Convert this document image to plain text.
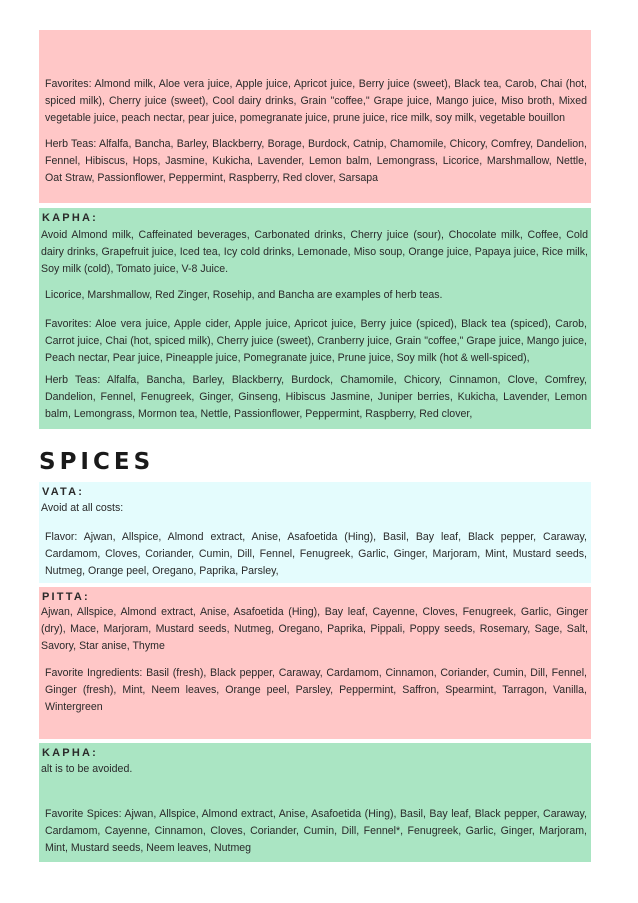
Favorites: Almond milk, Aloe vera juice, Apple juice, Apricot juice, Berry juice (sweet), Black tea, Carob, Chai (hot, spiced milk), Cherry juice (sweet), Cool dairy drinks, Grain "coffee," Grape juice, Mango juice, Miso broth, Mixed vegetable juice, peach nectar, pear juice, pomegranate juice, prune juice, rice milk, soy milk, vegetable bouillon

Herb Teas: Alfalfa, Bancha, Barley, Blackberry, Borage, Burdock, Catnip, Chamomile, Chicory, Comfrey, Dandelion, Fennel, Hibiscus, Hops, Jasmine, Kukicha, Lavender, Lemon balm, Lemongrass, Licorice, Marshmallow, Nettle, Oat Straw, Passionflower, Peppermint, Raspberry, Red clover, Sarsapa

KAPHA:

Avoid Almond milk, Caffeinated beverages, Carbonated drinks, Cherry juice (sour), Chocolate milk, Coffee, Cold dairy drinks, Grapefruit juice, Iced tea, Icy cold drinks, Lemonade, Miso soup, Orange juice, Papaya juice, Rice milk, Soy milk (cold), Tomato juice, V-8 Juice.

Licorice, Marshmallow, Red Zinger, Rosehip, and Bancha are examples of herb teas.

Favorites: Aloe vera juice, Apple cider, Apple juice, Apricot juice, Berry juice (spiced), Black tea (spiced), Carob, Carrot juice, Chai (hot, spiced milk), Cherry juice (sweet), Cranberry juice, Grain "coffee," Grape juice, Mango juice, Peach nectar, Pear juice, Pineapple juice, Pomegranate juice, Prune juice, Soy milk (hot & well-spiced),

Herb Teas: Alfalfa, Bancha, Barley, Blackberry, Burdock, Chamomile, Chicory, Cinnamon, Clove, Comfrey, Dandelion, Fennel, Fenugreek, Ginger, Ginseng, Hibiscus Jasmine, Juniper berries, Kukicha, Lavender, Lemon balm, Lemongrass, Mormon tea, Nettle, Passionflower, Peppermint, Raspberry, Red clover,

SPICES
VATA:

Avoid at all costs:

Flavor: Ajwan, Allspice, Almond extract, Anise, Asafoetida (Hing), Basil, Bay leaf, Black pepper, Caraway, Cardamom, Cloves, Coriander, Cumin, Dill, Fennel, Fenugreek, Garlic, Ginger, Marjoram, Mint, Mustard seeds, Nutmeg, Orange peel, Oregano, Paprika, Parsley,

PITTA:

Ajwan, Allspice, Almond extract, Anise, Asafoetida (Hing), Bay leaf, Cayenne, Cloves, Fenugreek, Garlic, Ginger (dry), Mace, Marjoram, Mustard seeds, Nutmeg, Oregano, Paprika, Pippali, Poppy seeds, Rosemary, Sage, Salt, Savory, Star anise, Thyme

Favorite Ingredients: Basil (fresh), Black pepper, Caraway, Cardamom, Cinnamon, Coriander, Cumin, Dill, Fennel, Ginger (fresh), Mint, Neem leaves, Orange peel, Parsley, Peppermint, Saffron, Spearmint, Tarragon, Vanilla, Wintergreen

KAPHA:

alt is to be avoided.

Favorite Spices: Ajwan, Allspice, Almond extract, Anise, Asafoetida (Hing), Basil, Bay leaf, Black pepper, Caraway, Cardamom, Cayenne, Cinnamon, Cloves, Coriander, Cumin, Dill, Fennel*, Fenugreek, Garlic, Ginger, Marjoram, Mint, Mustard seeds, Neem leaves, Nutmeg
